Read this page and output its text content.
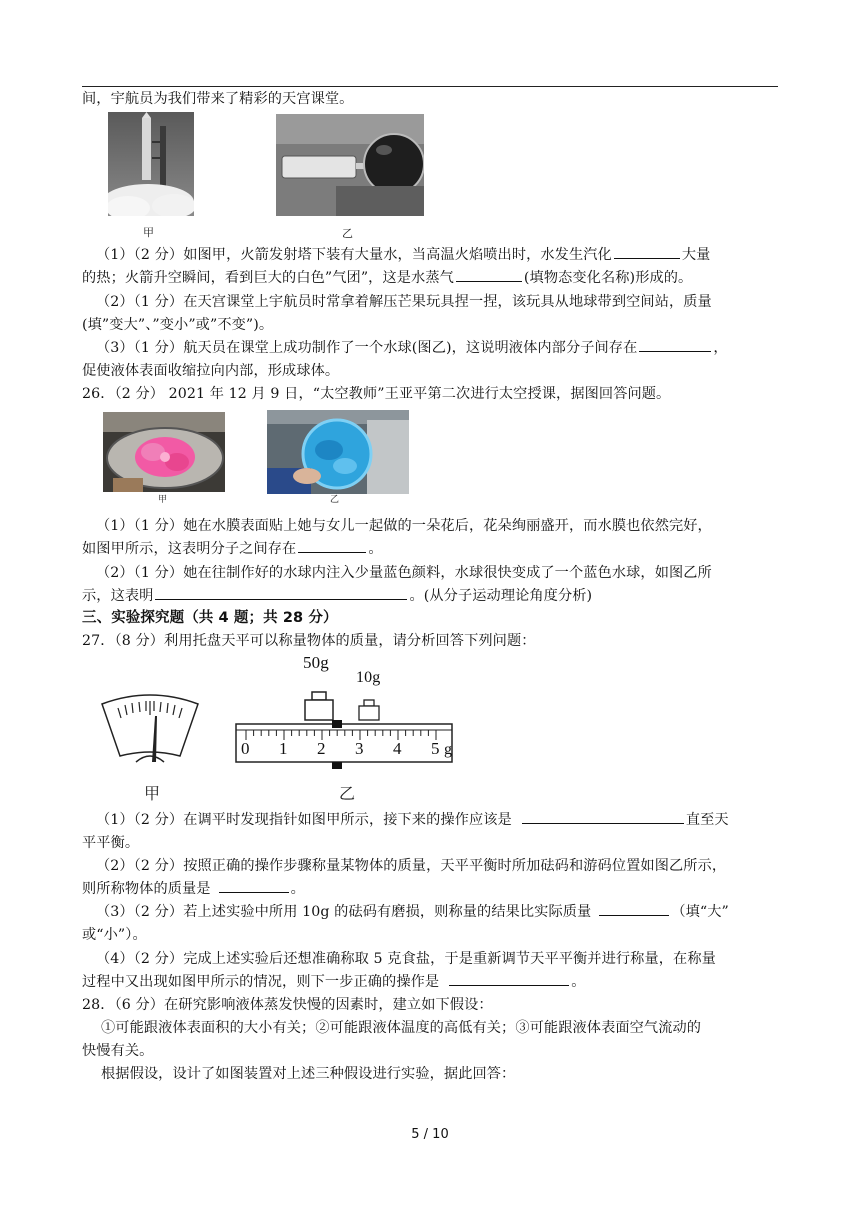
间，宇航员为我们带来了精彩的天宫课堂。
甲	乙
（1）（2 分）如图甲，火箭发射塔下装有大量水，当高温火焰喷出时，水发生汽化	大量
的热；火箭升空瞬间，看到巨大的白色”气团”，这是水蒸气	(填物态变化名称)形成的。
（2）（1 分）在天宫课堂上宇航员时常拿着解压芒果玩具捏一捏，该玩具从地球带到空间站，质量
(填”变大”、”变小”或”不变”)。
（3）（1 分）航天员在课堂上成功制作了一个水球(图乙)，这说明液体内部分子间存在	，
促使液体表面收缩拉向内部，形成球体。
26．（2 分） 2021 年 12 月 9 日，“太空教师”王亚平第二次进行太空授课，据图回答问题。
甲	乙
（1）（1 分）她在水膜表面贴上她与女儿一起做的一朵花后，花朵绚丽盛开，而水膜也依然完好，
如图甲所示，这表明分子之间存在	。
（2）（1 分）她在往制作好的水球内注入少量蓝色颜料，水球很快变成了一个蓝色水球，如图乙所
示，这表明	。(从分子运动理论角度分析)
三、实验探究题（共 4 题；共 28 分）
27．（8 分）利用托盘天平可以称量物体的质量，请分析回答下列问题：
甲
50g
10g
0 1 2 3 4 5 g
乙
（1）（2 分）在调平时发现指针如图甲所示，接下来的操作应该是	直至天
平平衡。
（2）（2 分）按照正确的操作步骤称量某物体的质量，天平平衡时所加砝码和游码位置如图乙所示，
则所称物体的质量是	。
（3）（2 分）若上述实验中所用 10g 的砝码有磨损，则称量的结果比实际质量	（填“大”
或“小”）。
（4）（2 分）完成上述实验后还想准确称取 5 克食盐，于是重新调节天平平衡并进行称量，在称量
过程中又出现如图甲所示的情况，则下一步正确的操作是	。
28．（6 分）在研究影响液体蒸发快慢的因素时，建立如下假设：
①可能跟液体表面积的大小有关；②可能跟液体温度的高低有关；③可能跟液体表面空气流动的
快慢有关。
根据假设，设计了如图装置对上述三种假设进行实验，据此回答：
5 / 10
